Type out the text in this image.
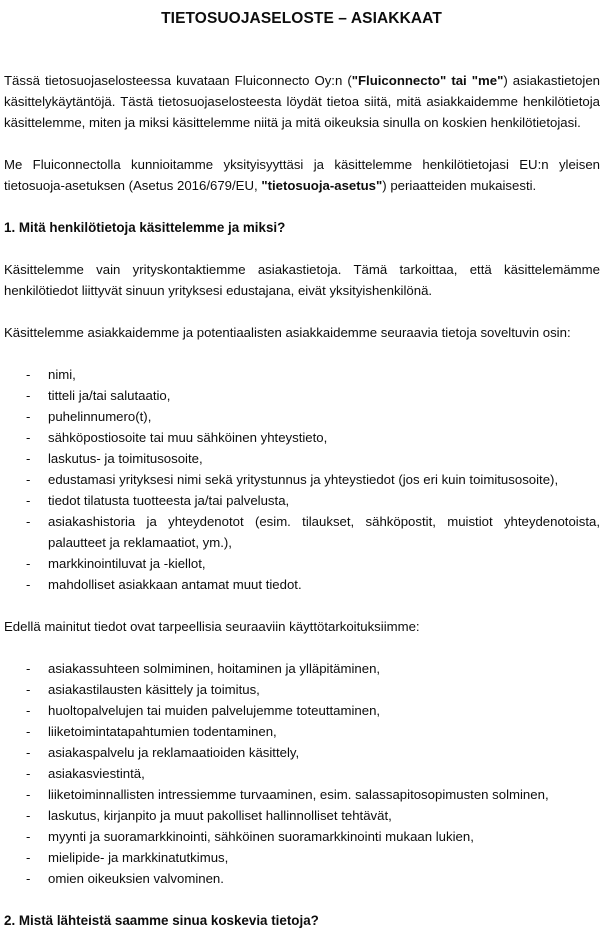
TIETOSUOJASELOSTE – ASIAKKAAT

Tässä tietosuojaselosteessa kuvataan Fluiconnecto Oy:n ("Fluiconnecto" tai "me") asiakastietojen käsittelykäytäntöjä. Tästä tietosuojaselosteesta löydät tietoa siitä, mitä asiakkaidemme henkilötietoja käsittelemme, miten ja miksi käsittelemme niitä ja mitä oikeuksia sinulla on koskien henkilötietojasi.

Me Fluiconnectolla kunnioitamme yksityisyyttäsi ja käsittelemme henkilötietojasi EU:n yleisen tietosuoja-asetuksen (Asetus 2016/679/EU, "tietosuoja-asetus") periaatteiden mukaisesti.

1. Mitä henkilötietoja käsittelemme ja miksi?

Käsittelemme vain yrityskontaktiemme asiakastietoja. Tämä tarkoittaa, että käsittelemämme henkilötiedot liittyvät sinuun yrityksesi edustajana, eivät yksityishenkilönä.

Käsittelemme asiakkaidemme ja potentiaalisten asiakkaidemme seuraavia tietoja soveltuvin osin:

-	nimi,
-	titteli ja/tai salutaatio,
-	puhelinnumero(t),
-	sähköpostiosoite tai muu sähköinen yhteystieto,
-	laskutus- ja toimitusosoite,
-	edustamasi yrityksesi nimi sekä yritystunnus ja yhteystiedot (jos eri kuin toimitusosoite),
-	tiedot tilatusta tuotteesta ja/tai palvelusta,
-	asiakashistoria ja yhteydenotot (esim. tilaukset, sähköpostit, muistiot yhteydenotoista, palautteet ja reklamaatiot, ym.),
-	markkinointiluvat ja -kiellot,
-	mahdolliset asiakkaan antamat muut tiedot.

Edellä mainitut tiedot ovat tarpeellisia seuraaviin käyttötarkoituksiimme:

-	asiakassuhteen solmiminen, hoitaminen ja ylläpitäminen,
-	asiakastilausten käsittely ja toimitus,
-	huoltopalvelujen tai muiden palvelujemme toteuttaminen,
-	liiketoimintatapahtumien todentaminen,
-	asiakaspalvelu ja reklamaatioiden käsittely,
-	asiakasviestintä,
-	liiketoiminnallisten intressiemme turvaaminen, esim. salassapitosopimusten solminen,
-	laskutus, kirjanpito ja muut pakolliset hallinnolliset tehtävät,
-	myynti ja suoramarkkinointi, sähköinen suoramarkkinointi mukaan lukien,
-	mielipide- ja markkinatutkimus,
-	omien oikeuksien valvominen.
2. Mistä lähteistä saamme sinua koskevia tietoja?
